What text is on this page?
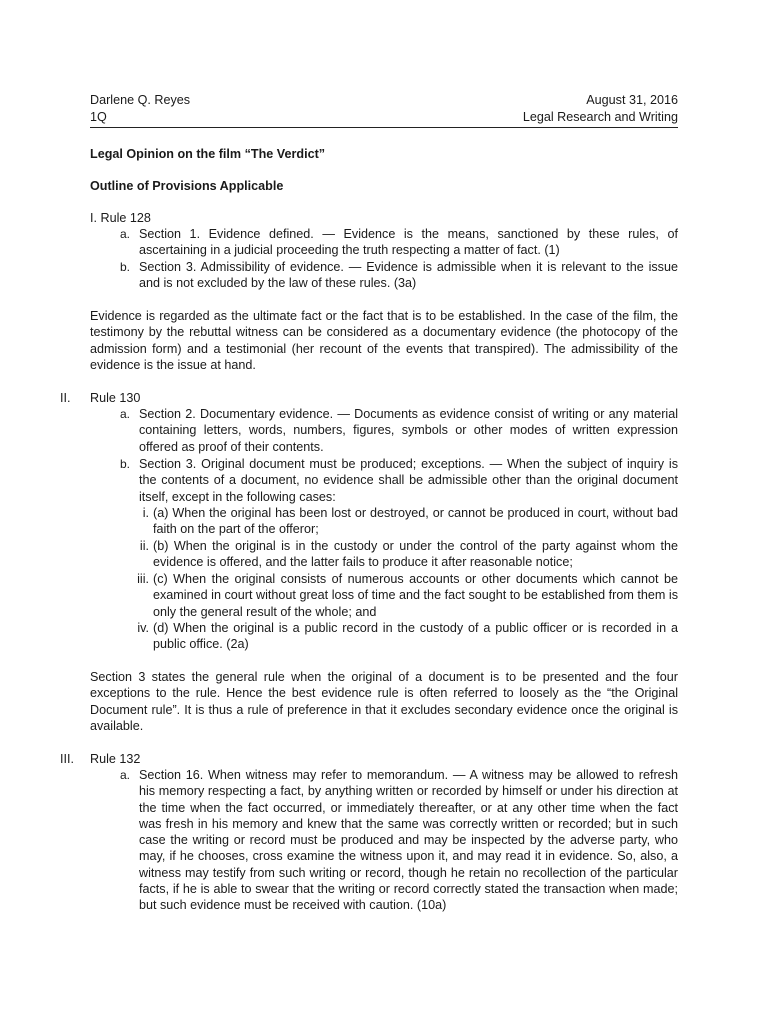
Darlene Q. Reyes	August 31, 2016
1Q	Legal Research and Writing
Legal Opinion on the film “The Verdict”
Outline of Provisions Applicable
I. Rule 128
a. Section 1. Evidence defined. — Evidence is the means, sanctioned by these rules, of ascertaining in a judicial proceeding the truth respecting a matter of fact. (1)
b. Section 3. Admissibility of evidence. — Evidence is admissible when it is relevant to the issue and is not excluded by the law of these rules. (3a)
Evidence is regarded as the ultimate fact or the fact that is to be established. In the case of the film, the testimony by the rebuttal witness can be considered as a documentary evidence (the photocopy of the admission form) and a testimonial (her recount of the events that transpired). The admissibility of the evidence is the issue at hand.
II. Rule 130
a. Section 2. Documentary evidence. — Documents as evidence consist of writing or any material containing letters, words, numbers, figures, symbols or other modes of written expression offered as proof of their contents.
b. Section 3. Original document must be produced; exceptions. — When the subject of inquiry is the contents of a document, no evidence shall be admissible other than the original document itself, except in the following cases:
i. (a) When the original has been lost or destroyed, or cannot be produced in court, without bad faith on the part of the offeror;
ii. (b) When the original is in the custody or under the control of the party against whom the evidence is offered, and the latter fails to produce it after reasonable notice;
iii. (c) When the original consists of numerous accounts or other documents which cannot be examined in court without great loss of time and the fact sought to be established from them is only the general result of the whole; and
iv. (d) When the original is a public record in the custody of a public officer or is recorded in a public office. (2a)
Section 3 states the general rule when the original of a document is to be presented and the four exceptions to the rule. Hence the best evidence rule is often referred to loosely as the “the Original Document rule”. It is thus a rule of preference in that it excludes secondary evidence once the original is available.
III. Rule 132
a. Section 16. When witness may refer to memorandum. — A witness may be allowed to refresh his memory respecting a fact, by anything written or recorded by himself or under his direction at the time when the fact occurred, or immediately thereafter, or at any other time when the fact was fresh in his memory and knew that the same was correctly written or recorded; but in such case the writing or record must be produced and may be inspected by the adverse party, who may, if he chooses, cross examine the witness upon it, and may read it in evidence. So, also, a witness may testify from such writing or record, though he retain no recollection of the particular facts, if he is able to swear that the writing or record correctly stated the transaction when made; but such evidence must be received with caution. (10a)
